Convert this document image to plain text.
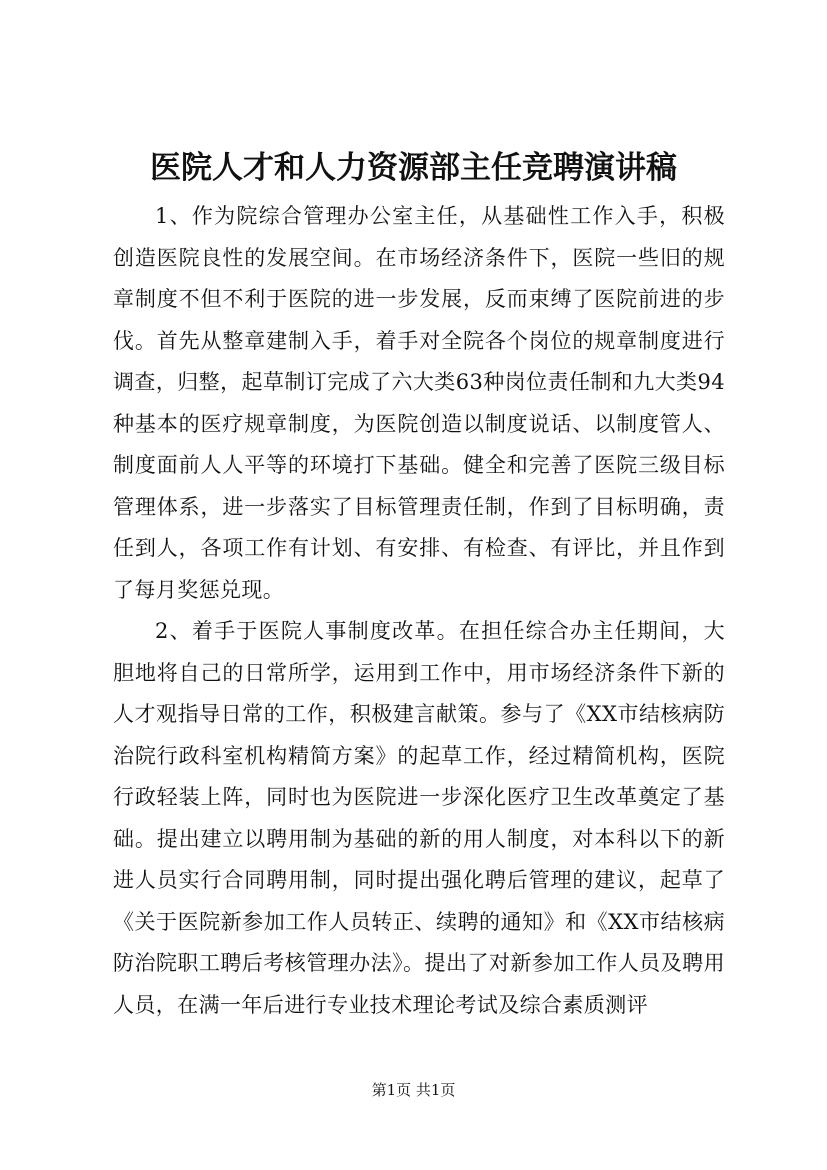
医院人才和人力资源部主任竞聘演讲稿

1、作为院综合管理办公室主任，从基础性工作入手，积极创造医院良性的发展空间。在市场经济条件下，医院一些旧的规章制度不但不利于医院的进一步发展，反而束缚了医院前进的步伐。首先从整章建制入手，着手对全院各个岗位的规章制度进行调查，归整，起草制订完成了六大类63种岗位责任制和九大类94种基本的医疗规章制度，为医院创造以制度说话、以制度管人、制度面前人人平等的环境打下基础。健全和完善了医院三级目标管理体系，进一步落实了目标管理责任制，作到了目标明确，责任到人，各项工作有计划、有安排、有检查、有评比，并且作到了每月奖惩兑现。

2、着手于医院人事制度改革。在担任综合办主任期间，大胆地将自己的日常所学，运用到工作中，用市场经济条件下新的人才观指导日常的工作，积极建言献策。参与了《XX市结核病防治院行政科室机构精简方案》的起草工作，经过精简机构，医院行政轻装上阵，同时也为医院进一步深化医疗卫生改革奠定了基础。提出建立以聘用制为基础的新的用人制度，对本科以下的新进人员实行合同聘用制，同时提出强化聘后管理的建议，起草了《关于医院新参加工作人员转正、续聘的通知》和《XX市结核病防治院职工聘后考核管理办法》。提出了对新参加工作人员及聘用人员，在满一年后进行专业技术理论考试及综合素质测评

第1页 共1页
